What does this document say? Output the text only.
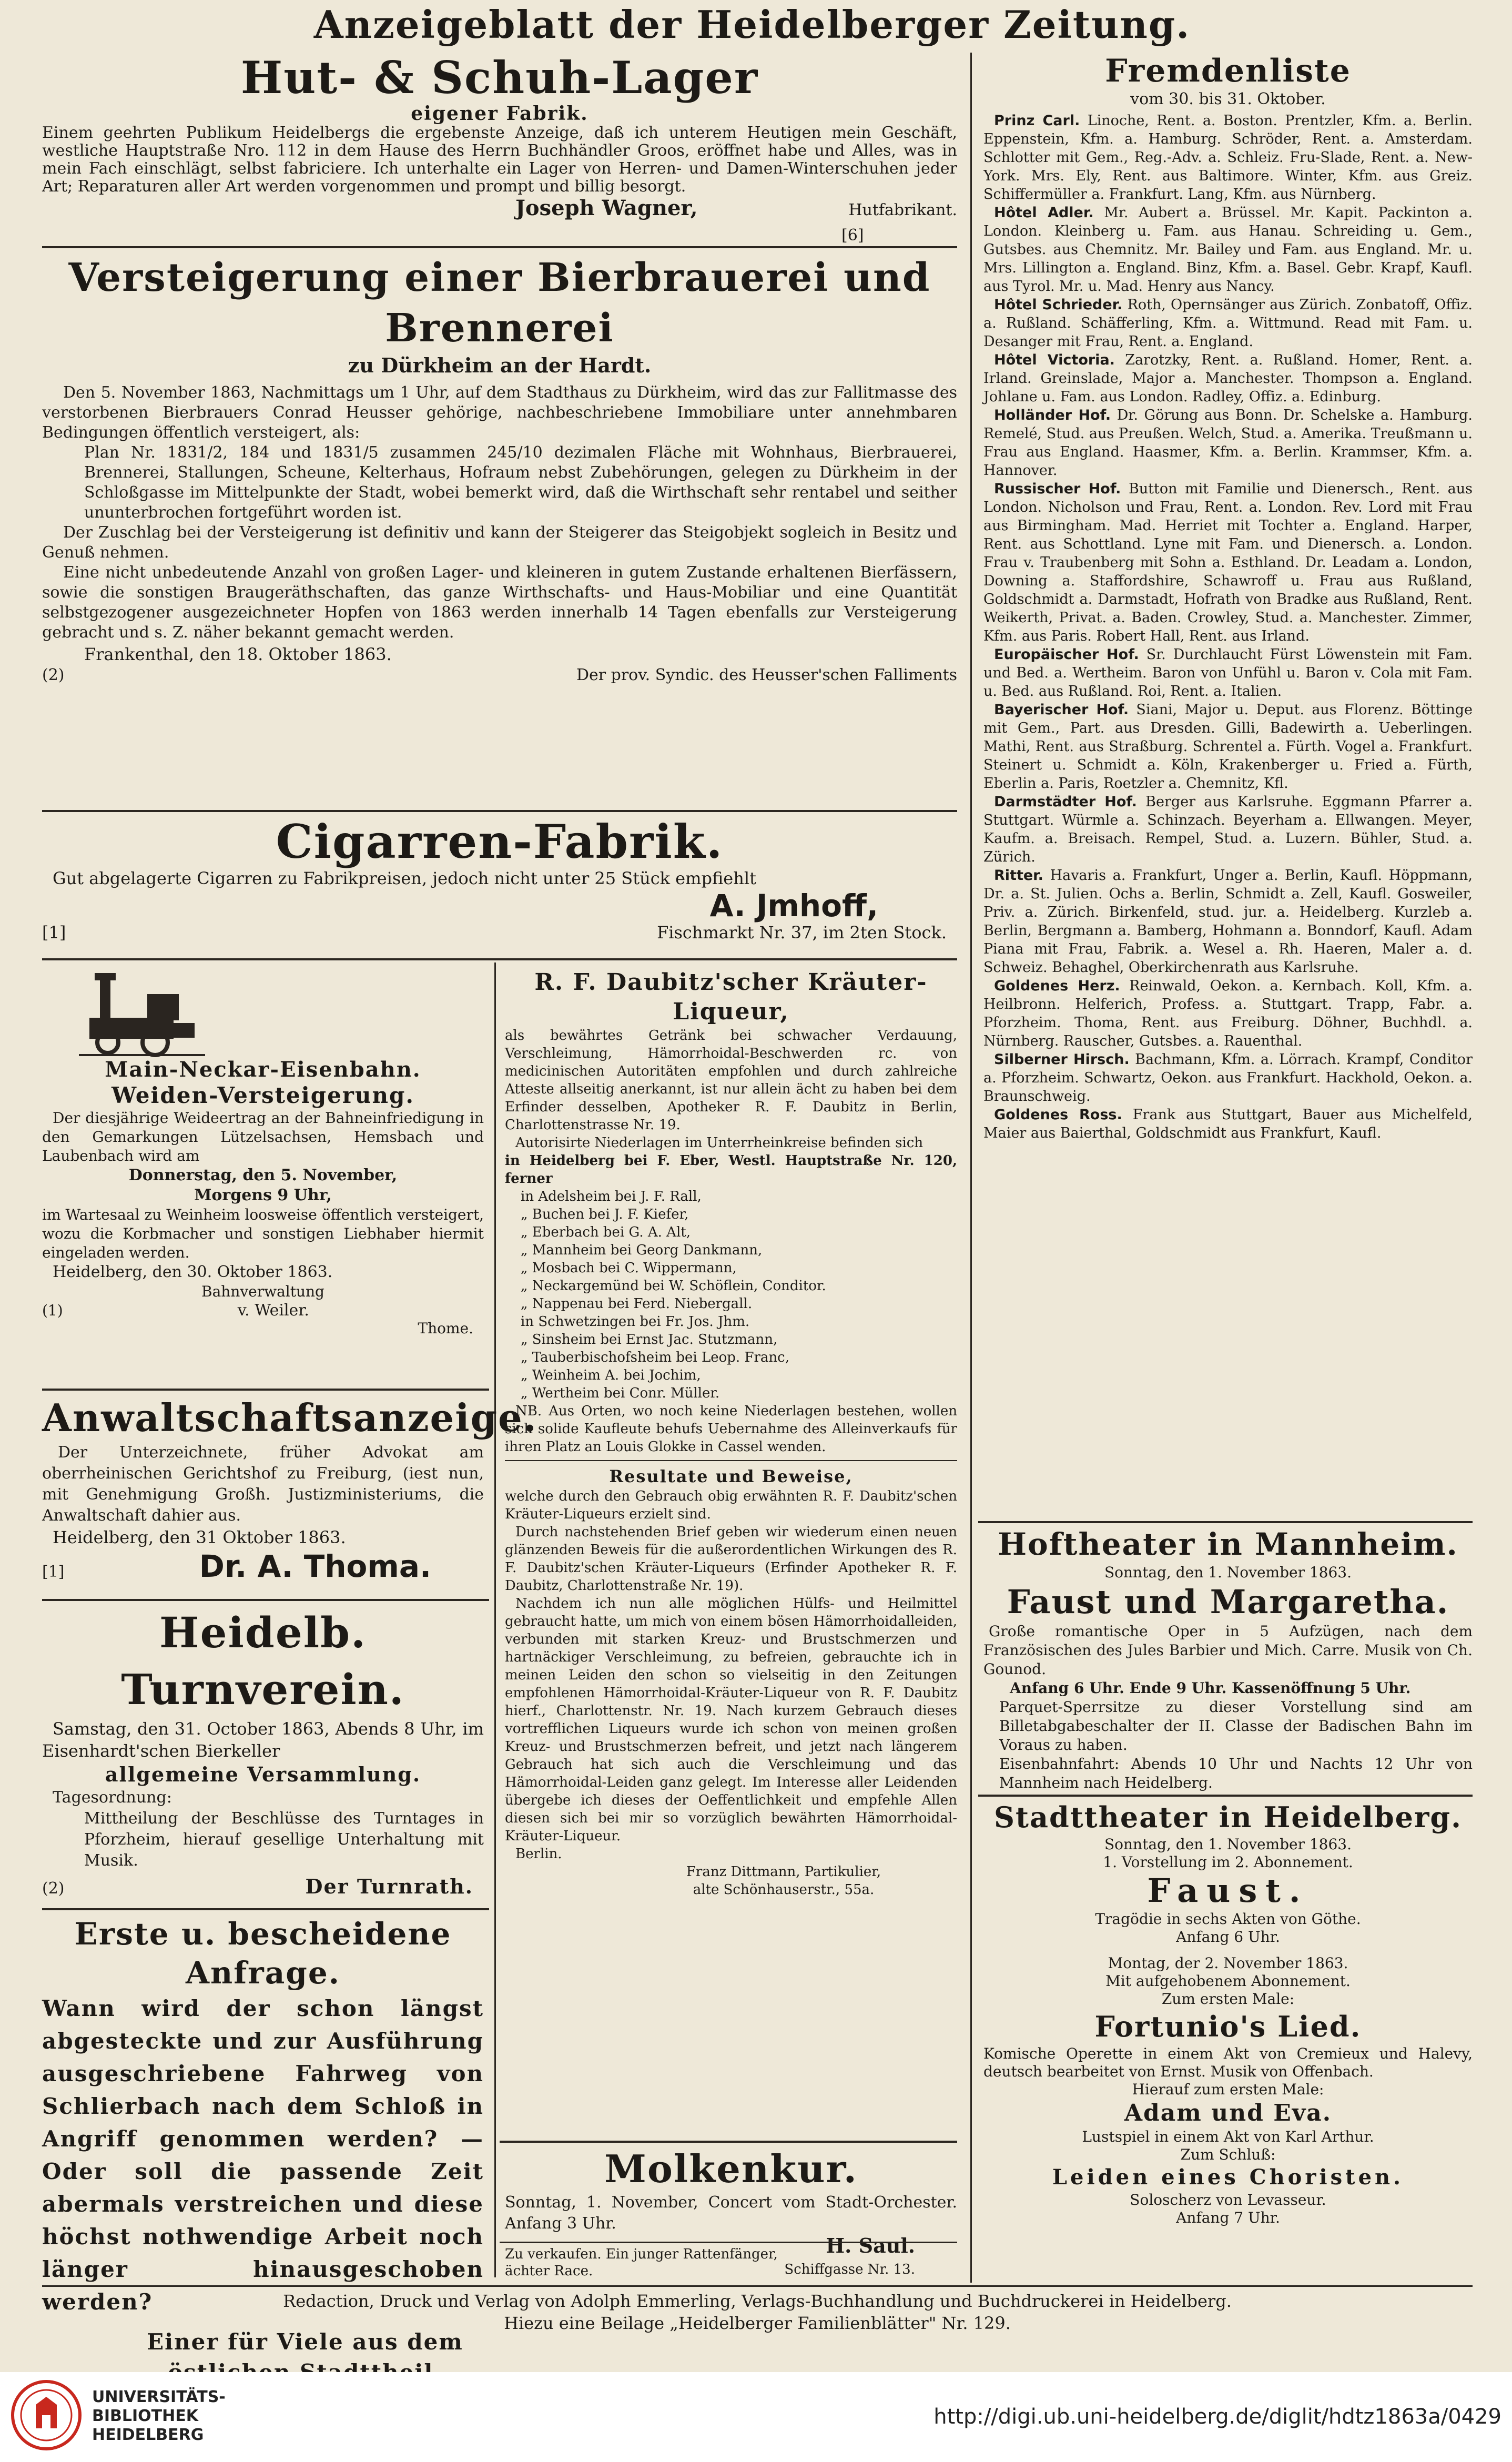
Anzeigeblatt der Heidelberger Zeitung.
Hut- & Schuh-Lager
eigener Fabrik.

Einem geehrten Publikum Heidelbergs die ergebenste Anzeige, daß ich unterem Heutigen mein Geschäft, westliche Hauptstraße Nro. 112 in dem Hause des Herrn Buchhändler Groos, eröffnet habe und Alles, was in mein Fach einschlägt, selbst fabriciere. Ich unterhalte ein Lager von Herren- und Damen-Winterschuhen jeder Art; Reparaturen aller Art werden vorgenommen und prompt und billig besorgt.

Joseph Wagner,	Hutfabrikant.
[6]
Versteigerung einer Bierbrauerei und Brennerei
zu Dürkheim an der Hardt.

Den 5. November 1863, Nachmittags um 1 Uhr, auf dem Stadthaus zu Dürkheim, wird das zur Fallitmasse des verstorbenen Bierbrauers Conrad Heusser gehörige, nachbeschriebene Immobiliare unter annehmbaren Bedingungen öffentlich versteigert, als:

Plan Nr. 1831/2, 184 und 1831/5 zusammen 245/10 dezimalen Fläche mit Wohnhaus, Bierbrauerei, Brennerei, Stallungen, Scheune, Kelterhaus, Hofraum nebst Zubehörungen, gelegen zu Dürkheim in der Schloßgasse im Mittelpunkte der Stadt, wobei bemerkt wird, daß die Wirthschaft sehr rentabel und seither ununterbrochen fortgeführt worden ist.

Der Zuschlag bei der Versteigerung ist definitiv und kann der Steigerer das Steigobjekt sogleich in Besitz und Genuß nehmen.

Eine nicht unbedeutende Anzahl von großen Lager- und kleineren in gutem Zustande erhaltenen Bierfässern, sowie die sonstigen Braugeräthschaften, das ganze Wirthschafts- und Haus-Mobiliar und eine Quantität selbstgezogener ausgezeichneter Hopfen von 1863 werden innerhalb 14 Tagen ebenfalls zur Versteigerung gebracht und s. Z. näher bekannt gemacht werden.

Frankenthal, den 18. Oktober 1863.

(2)	Der prov. Syndic. des Heusser'schen Falliments
Cigarren-Fabrik.

Gut abgelagerte Cigarren zu Fabrikpreisen, jedoch nicht unter 25 Stück empfiehlt

A. Jmhoff,
[1]	Fischmarkt Nr. 37, im 2ten Stock.
Main-Neckar-Eisenbahn.
Weiden-Versteigerung.

Der diesjährige Weideertrag an der Bahneinfriedigung in den Gemarkungen Lützelsachsen, Hemsbach und Laubenbach wird am

Donnerstag, den 5. November,
Morgens 9 Uhr,

im Wartesaal zu Weinheim loosweise öffentlich versteigert, wozu die Korbmacher und sonstigen Liebhaber hiermit eingeladen werden.

Heidelberg, den 30. Oktober 1863.

Bahnverwaltung

(1)	v. Weiler.
Thome.
Anwaltschaftsanzeige.

Der Unterzeichnete, früher Advokat am oberrheinischen Gerichtshof zu Freiburg, (iest nun, mit Genehmigung Großh. Justizministeriums, die Anwaltschaft dahier aus.

Heidelberg, den 31 Oktober 1863.

[1]	Dr. A. Thoma.
Heidelb. Turnverein.

Samstag, den 31. October 1863, Abends 8 Uhr, im Eisenhardt'schen Bierkeller

allgemeine Versammlung.

Tagesordnung:

Mittheilung der Beschlüsse des Turntages in Pforzheim, hierauf gesellige Unterhaltung mit Musik.

(2)	Der Turnrath.
Erste u. bescheidene Anfrage.

Wann wird der schon längst abgesteckte und zur Ausführung ausgeschriebene Fahrweg von Schlierbach nach dem Schloß in Angriff genommen werden? — Oder soll die passende Zeit abermals verstreichen und diese höchst nothwendige Arbeit noch länger hinausgeschoben werden?

Einer für Viele aus dem

R. F. Daubitz'scher Kräuter-Liqueur,

als bewährtes Getränk bei schwacher Verdauung, Verschleimung, Hämorrhoidal-Beschwerden rc. von medicinischen Autoritäten empfohlen und durch zahlreiche Atteste allseitig anerkannt, ist nur allein ächt zu haben bei dem Erfinder desselben, Apotheker R. F. Daubitz in Berlin, Charlottenstrasse Nr. 19.

Autorisirte Niederlagen im Unterrheinkreise befinden sich

in Heidelberg bei F. Eber, Westl. Hauptstraße Nr. 120, ferner

in Adelsheim bei J. F. Rall,
„ Buchen bei J. F. Kiefer,
„ Eberbach bei G. A. Alt,
„ Mannheim bei Georg Dankmann,
„ Mosbach bei C. Wippermann,
„ Neckargemünd bei W. Schöflein, Conditor.
„ Nappenau bei Ferd. Niebergall.
in Schwetzingen bei Fr. Jos. Jhm.
„ Sinsheim bei Ernst Jac. Stutzmann,
„ Tauberbischofsheim bei Leop. Franc,
„ Weinheim A. bei Jochim,
„ Wertheim bei Conr. Müller.

NB. Aus Orten, wo noch keine Niederlagen bestehen, wollen sich solide Kaufleute behufs Uebernahme des Alleinverkaufs für ihren Platz an Louis Glokke in Cassel wenden.

Resultate und Beweise,

welche durch den Gebrauch obig erwähnten R. F. Daubitz'schen Kräuter-Liqueurs erzielt sind.

Durch nachstehenden Brief geben wir wiederum einen neuen glänzenden Beweis für die außerordentlichen Wirkungen des R. F. Daubitz'schen Kräuter-Liqueurs (Erfinder Apotheker R. F. Daubitz, Charlottenstraße Nr. 19).

Nachdem ich nun alle möglichen Hülfs- und Heilmittel gebraucht hatte, um mich von einem bösen Hämorrhoidalleiden, verbunden mit starken Kreuz- und Brustschmerzen und hartnäckiger Verschleimung, zu befreien, gebrauchte ich in meinen Leiden den schon so vielseitig in den Zeitungen empfohlenen Hämorrhoidal-Kräuter-Liqueur von R. F. Daubitz hierf., Charlottenstr. Nr. 19. Nach kurzem Gebrauch dieses vortrefflichen Liqueurs wurde ich schon von meinen großen Kreuz- und Brustschmerzen befreit, und jetzt nach längerem Gebrauch hat sich auch die Verschleimung und das Hämorrhoidal-Leiden ganz gelegt. Im Interesse aller Leidenden übergebe ich dieses der Oeffentlichkeit und empfehle Allen diesen sich bei mir so vorzüglich bewährten Hämorrhoidal-Kräuter-Liqueur.

Berlin.

Franz Dittmann, Partikulier,

alte Schönhauserstr., 55a.

Molkenkur.

Sonntag, 1. November, Concert vom Stadt-Orchester. Anfang 3 Uhr.

H. Saul.

Zu verkaufen. Ein junger Rattenfänger, ächter Race.	Schiffgasse Nr. 13.
Fremdenliste
vom 30. bis 31. Oktober.

Prinz Carl. Linoche, Rent. a. Boston. Prentzler, Kfm. a. Berlin. Eppenstein, Kfm. a. Hamburg. Schröder, Rent. a. Amsterdam. Schlotter mit Gem., Reg.-Adv. a. Schleiz. Fru-Slade, Rent. a. New-York. Mrs. Ely, Rent. aus Baltimore. Winter, Kfm. aus Greiz. Schiffermüller a. Frankfurt. Lang, Kfm. aus Nürnberg.

Hôtel Adler. Mr. Aubert a. Brüssel. Mr. Kapit. Packinton a. London. Kleinberg u. Fam. aus Hanau. Schreiding u. Gem., Gutsbes. aus Chemnitz. Mr. Bailey und Fam. aus England. Mr. u. Mrs. Lillington a. England. Binz, Kfm. a. Basel. Gebr. Krapf, Kaufl. aus Tyrol. Mr. u. Mad. Henry aus Nancy.

Hôtel Schrieder. Roth, Opernsänger aus Zürich. Zonbatoff, Offiz. a. Rußland. Schäfferling, Kfm. a. Wittmund. Read mit Fam. u. Desanger mit Frau, Rent. a. England.

Hôtel Victoria. Zarotzky, Rent. a. Rußland. Homer, Rent. a. Irland. Greinslade, Major a. Manchester. Thompson a. England. Johlane u. Fam. aus London. Radley, Offiz. a. Edinburg.

Holländer Hof. Dr. Görung aus Bonn. Dr. Schelske a. Hamburg. Remelé, Stud. aus Preußen. Welch, Stud. a. Amerika. Treußmann u. Frau aus England. Haasmer, Kfm. a. Berlin. Krammser, Kfm. a. Hannover.

Russischer Hof. Button mit Familie und Dienersch., Rent. aus London. Nicholson und Frau, Rent. a. London. Rev. Lord mit Frau aus Birmingham. Mad. Herriet mit Tochter a. England. Harper, Rent. aus Schottland. Lyne mit Fam. und Dienersch. a. London. Frau v. Traubenberg mit Sohn a. Esthland. Dr. Leadam a. London, Downing a. Staffordshire, Schawroff u. Frau aus Rußland, Goldschmidt a. Darmstadt, Hofrath von Bradke aus Rußland, Rent. Weikerth, Privat. a. Baden. Crowley, Stud. a. Manchester. Zimmer, Kfm. aus Paris. Robert Hall, Rent. aus Irland.

Europäischer Hof. Sr. Durchlaucht Fürst Löwenstein mit Fam. und Bed. a. Wertheim. Baron von Unfühl u. Baron v. Cola mit Fam. u. Bed. aus Rußland. Roi, Rent. a. Italien.

Bayerischer Hof. Siani, Major u. Deput. aus Florenz. Böttinge mit Gem., Part. aus Dresden. Gilli, Badewirth a. Ueberlingen. Mathi, Rent. aus Straßburg. Schrentel a. Fürth. Vogel a. Frankfurt. Steinert u. Schmidt a. Köln, Krakenberger u. Fried a. Fürth, Eberlin a. Paris, Roetzler a. Chemnitz, Kfl.

Darmstädter Hof. Berger aus Karlsruhe. Eggmann Pfarrer a. Stuttgart. Würmle a. Schinzach. Beyerham a. Ellwangen. Meyer, Kaufm. a. Breisach. Rempel, Stud. a. Luzern. Bühler, Stud. a. Zürich.

Ritter. Havaris a. Frankfurt, Unger a. Berlin, Kaufl. Höppmann, Dr. a. St. Julien. Ochs a. Berlin, Schmidt a. Zell, Kaufl. Gosweiler, Priv. a. Zürich. Birkenfeld, stud. jur. a. Heidelberg. Kurzleb a. Berlin, Bergmann a. Bamberg, Hohmann a. Bonndorf, Kaufl. Adam Piana mit Frau, Fabrik. a. Wesel a. Rh. Haeren, Maler a. d. Schweiz. Behaghel, Oberkirchenrath aus Karlsruhe.

Goldenes Herz. Reinwald, Oekon. a. Kernbach. Koll, Kfm. a. Heilbronn. Helferich, Profess. a. Stuttgart. Trapp, Fabr. a. Pforzheim. Thoma, Rent. aus Freiburg. Döhner, Buchhdl. a. Nürnberg. Rauscher, Gutsbes. a. Rauenthal.

Silberner Hirsch. Bachmann, Kfm. a. Lörrach. Krampf, Conditor a. Pforzheim. Schwartz, Oekon. aus Frankfurt. Hackhold, Oekon. a. Braunschweig.

Goldenes Ross. Frank aus Stuttgart, Bauer aus Michelfeld, Maier aus Baierthal, Goldschmidt aus Frankfurt, Kaufl.

Hoftheater in Mannheim.
Sonntag, den 1. November 1863.
Faust und Margaretha.

Große romantische Oper in 5 Aufzügen, nach dem Französischen des Jules Barbier und Mich. Carre. Musik von Ch. Gounod.

Anfang 6 Uhr. Ende 9 Uhr. Kassenöffnung 5 Uhr.

Parquet-Sperrsitze zu dieser Vorstellung sind am Billetabgabeschalter der II. Classe der Badischen Bahn im Voraus zu haben.

Eisenbahnfahrt: Abends 10 Uhr und Nachts 12 Uhr von Mannheim nach Heidelberg.

Stadttheater in Heidelberg.
Sonntag, den 1. November 1863.
1. Vorstellung im 2. Abonnement.
Faust.
Tragödie in sechs Akten von Göthe.
Anfang 6 Uhr.
Montag, der 2. November 1863.
Mit aufgehobenem Abonnement.
Zum ersten Male:
Fortunio's Lied.

Komische Operette in einem Akt von Cremieux und Halevy, deutsch bearbeitet von Ernst. Musik von Offenbach.

Hierauf zum ersten Male:
Adam und Eva.
Lustspiel in einem Akt von Karl Arthur.
Zum Schluß:
Leiden eines Choristen.
Soloscherz von Levasseur.
Anfang 7 Uhr.
Redaction, Druck und Verlag von Adolph Emmerling, Verlags-Buchhandlung und Buchdruckerei in Heidelberg.
Hiezu eine Beilage „Heidelberger Familienblätter" Nr. 129.
UNIVERSITÄTS-
BIBLIOTHEK
HEIDELBERG
http://digi.ub.uni-heidelberg.de/diglit/hdtz1863a/0429
